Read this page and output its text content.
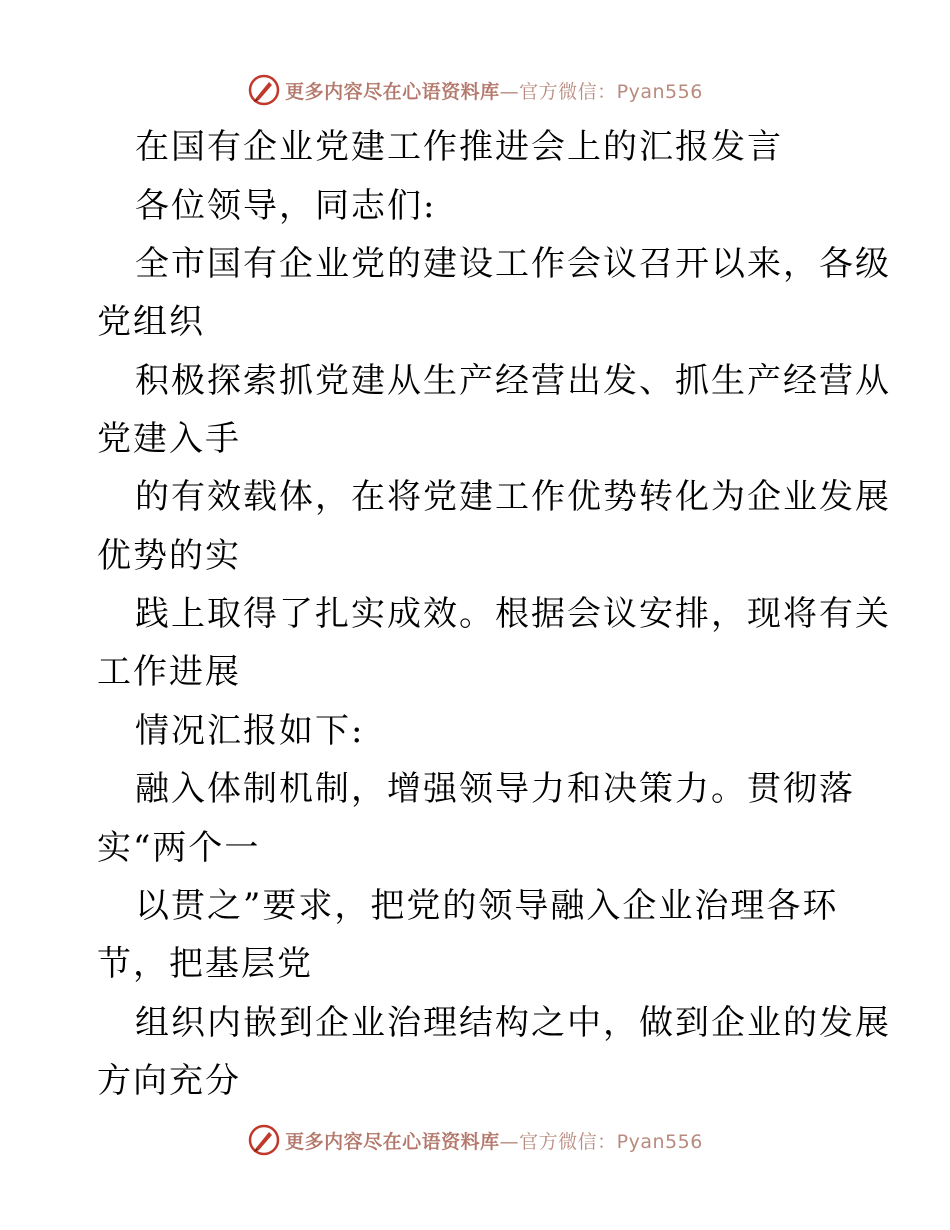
更多内容尽在心语资料库—官方微信：Pyan556
在国有企业党建工作推进会上的汇报发言
各位领导，同志们:
全市国有企业党的建设工作会议召开以来，各级
党组织
积极探索抓党建从生产经营出发、抓生产经营从
党建入手
的有效载体，在将党建工作优势转化为企业发展
优势的实
践上取得了扎实成效。根据会议安排，现将有关
工作进展
情况汇报如下:
融入体制机制，增强领导力和决策力。贯彻落
实“两个一
以贯之”要求，把党的领导融入企业治理各环
节，把基层党
组织内嵌到企业治理结构之中，做到企业的发展
方向充分
更多内容尽在心语资料库—官方微信：Pyan556
